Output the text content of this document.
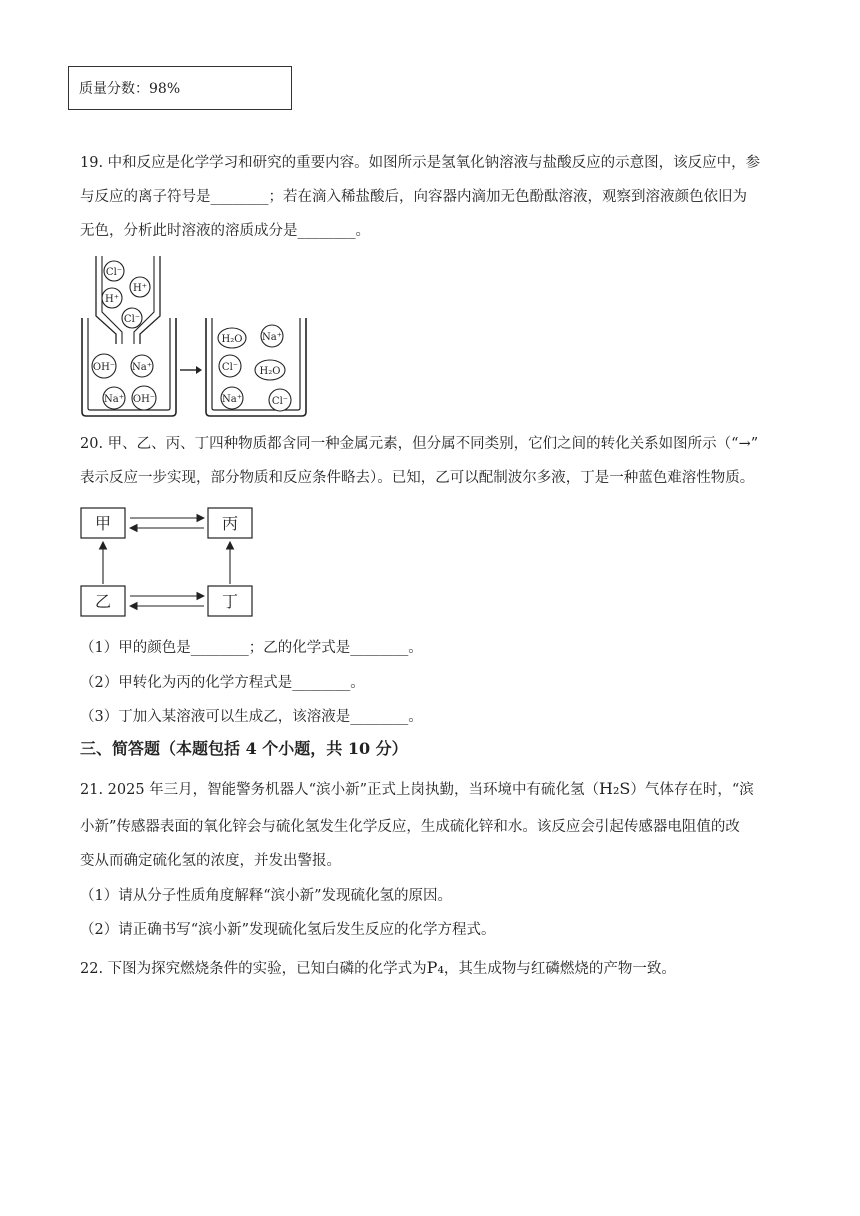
质量分数：98%
19. 中和反应是化学学习和研究的重要内容。如图所示是氢氧化钠溶液与盐酸反应的示意图，该反应中，参
与反应的离子符号是________；若在滴入稀盐酸后，向容器内滴加无色酚酞溶液，观察到溶液颜色依旧为
无色，分析此时溶液的溶质成分是________。
Cl⁻
H⁺
H⁺
Cl⁻
OH⁻ Na⁺
Na⁺ OH⁻
H₂O Na⁺
Cl⁻ H₂O
Na⁺	Cl⁻
20. 甲、乙、丙、丁四种物质都含同一种金属元素，但分属不同类别，它们之间的转化关系如图所示（“→”
表示反应一步实现，部分物质和反应条件略去）。已知，乙可以配制波尔多液，丁是一种蓝色难溶性物质。
甲	丙
乙	丁
（1）甲的颜色是________；乙的化学式是________。
（2）甲转化为丙的化学方程式是________。
（3）丁加入某溶液可以生成乙，该溶液是________。
三、简答题（本题包括 4 个小题，共 10 分）
21. 2025 年三月，智能警务机器人“滨小新”正式上岗执勤，当环境中有硫化氢（H₂S）气体存在时，“滨
小新”传感器表面的氧化锌会与硫化氢发生化学反应，生成硫化锌和水。该反应会引起传感器电阻值的改
变从而确定硫化氢的浓度，并发出警报。
（1）请从分子性质角度解释“滨小新”发现硫化氢的原因。
（2）请正确书写“滨小新”发现硫化氢后发生反应的化学方程式。
22. 下图为探究燃烧条件的实验，已知白磷的化学式为P₄，其生成物与红磷燃烧的产物一致。
